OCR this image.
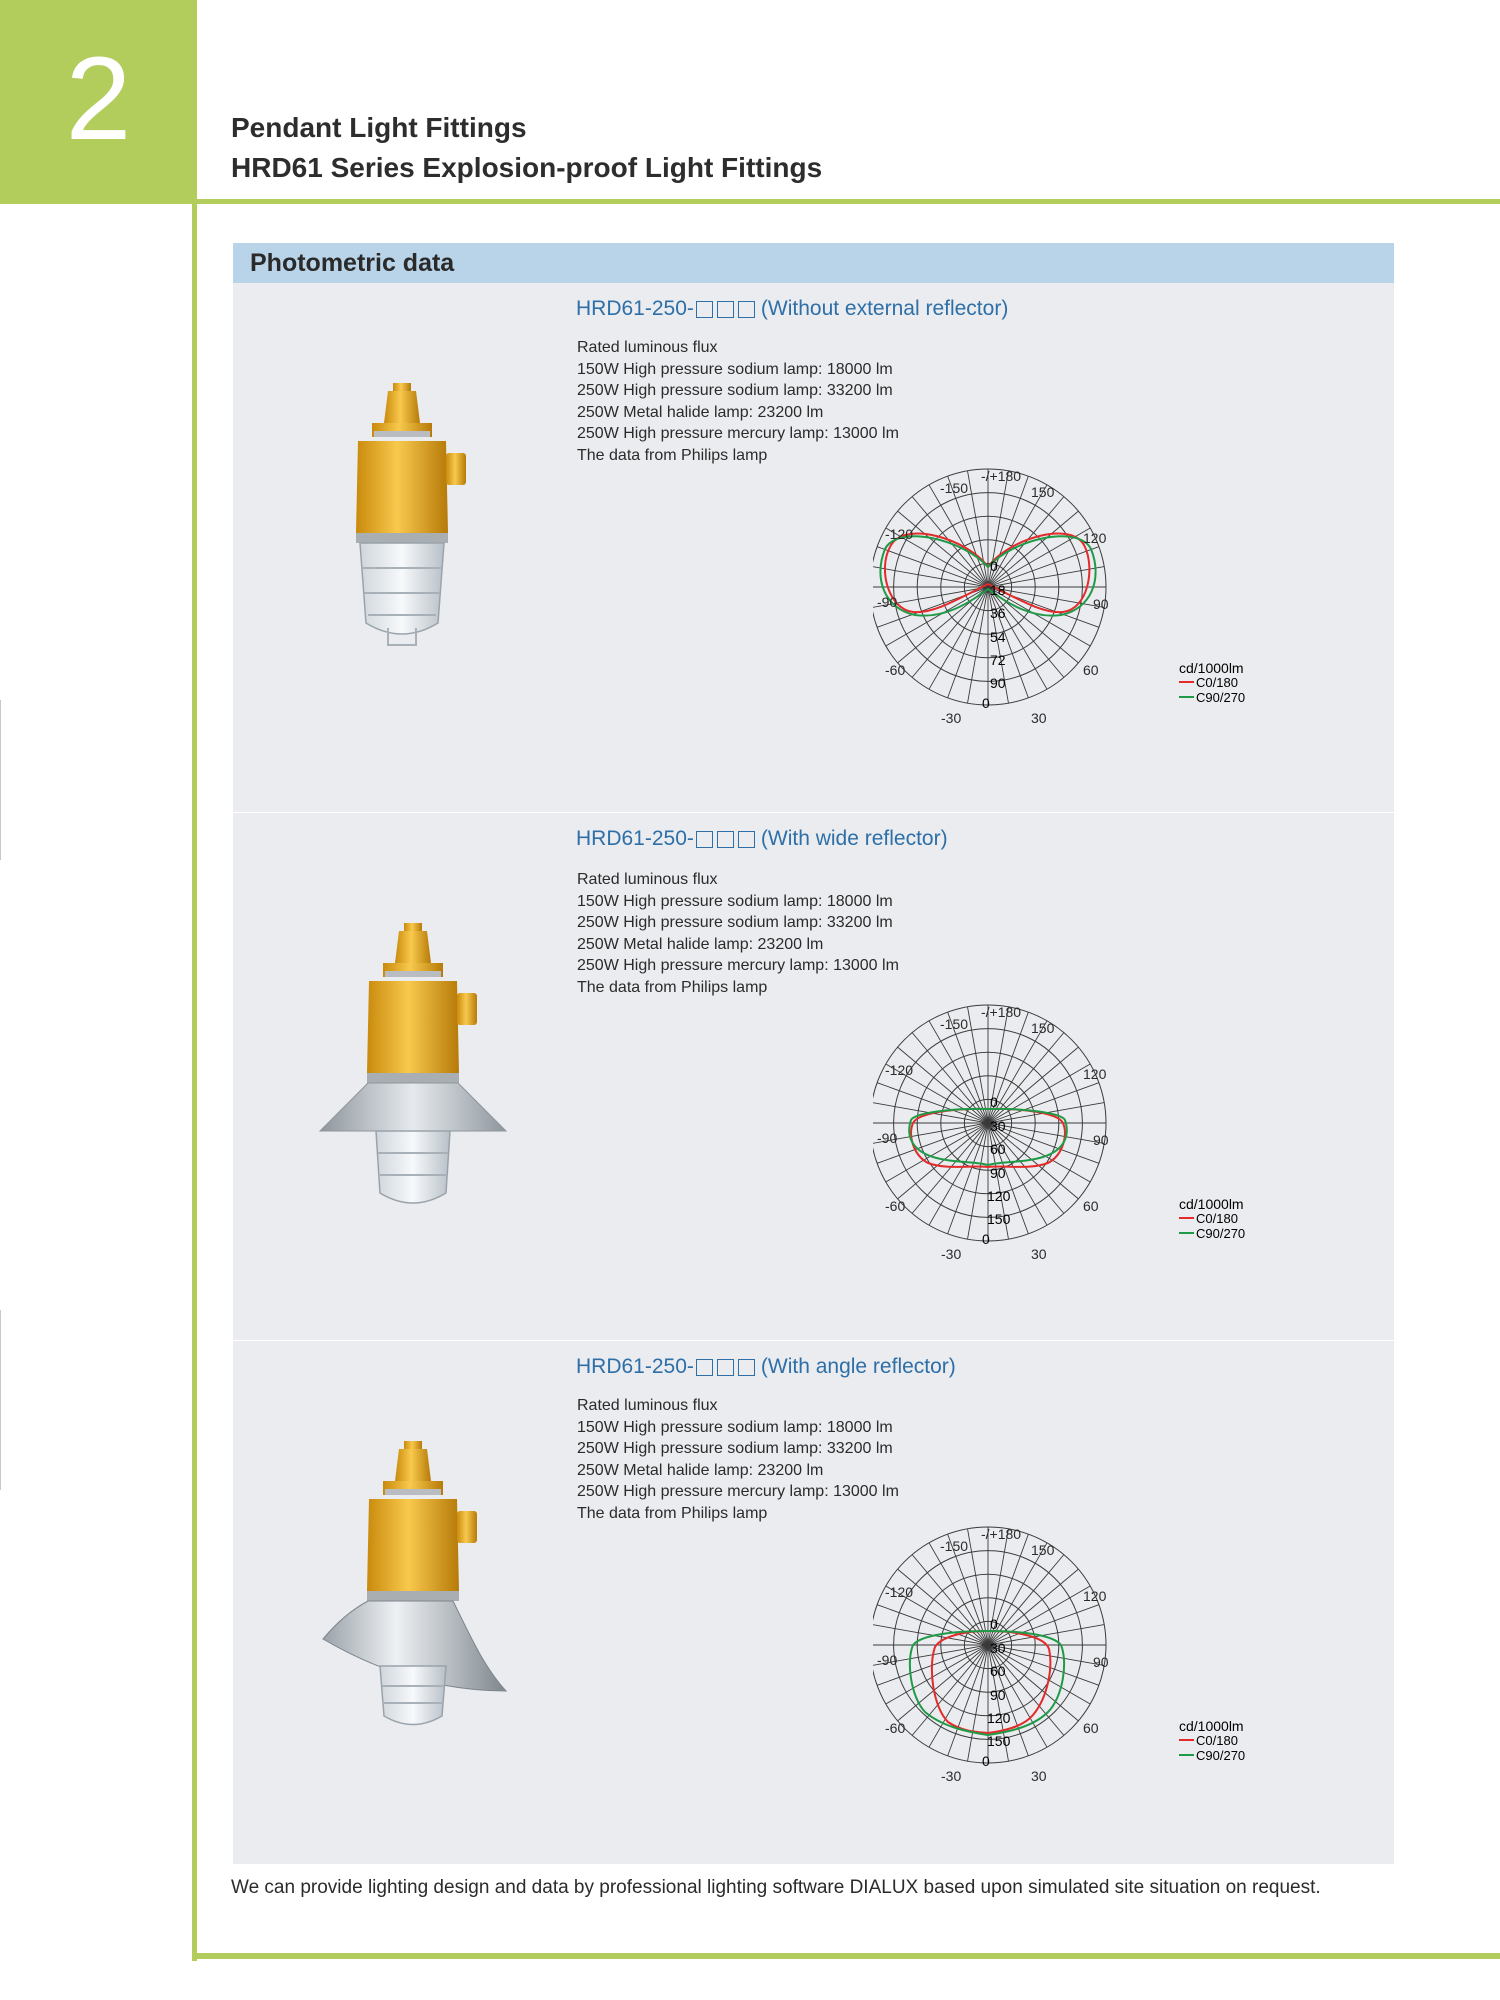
2	Pendant Light Fittings
HRD61 Series Explosion-proof Light Fittings
Photometric data
HRD61-250-	(Without external reflector)
Rated luminous flux
150W High pressure sodium lamp: 18000 lm
250W High pressure sodium lamp: 33200 lm
250W Metal halide lamp: 23200 lm
250W High pressure mercury lamp: 13000 lm
The data from Philips lamp
0
18
36
54
72
90
0
-/+180
-150	150
-120	120
-90	90
-60	60
-30	30
cd/1000lm
C0/180
C90/270
HRD61-250-	(With wide reflector)
Rated luminous flux
150W High pressure sodium lamp: 18000 lm
250W High pressure sodium lamp: 33200 lm
250W Metal halide lamp: 23200 lm
250W High pressure mercury lamp: 13000 lm
The data from Philips lamp
0
30
60
90
120
150
0
-/+180
-150	150
-120	120
-90	90
-60	60
-30	30
cd/1000lm
C0/180
C90/270
HRD61-250-	(With angle reflector)
Rated luminous flux
150W High pressure sodium lamp: 18000 lm
250W High pressure sodium lamp: 33200 lm
250W Metal halide lamp: 23200 lm
250W High pressure mercury lamp: 13000 lm
The data from Philips lamp
0
30
60
90
120
150
0
-/+180
-150	150
-120	120
-90	90
-60	60
-30	30
cd/1000lm
C0/180
C90/270
We can provide lighting design and data by professional lighting software DIALUX based upon simulated site situation on request.
